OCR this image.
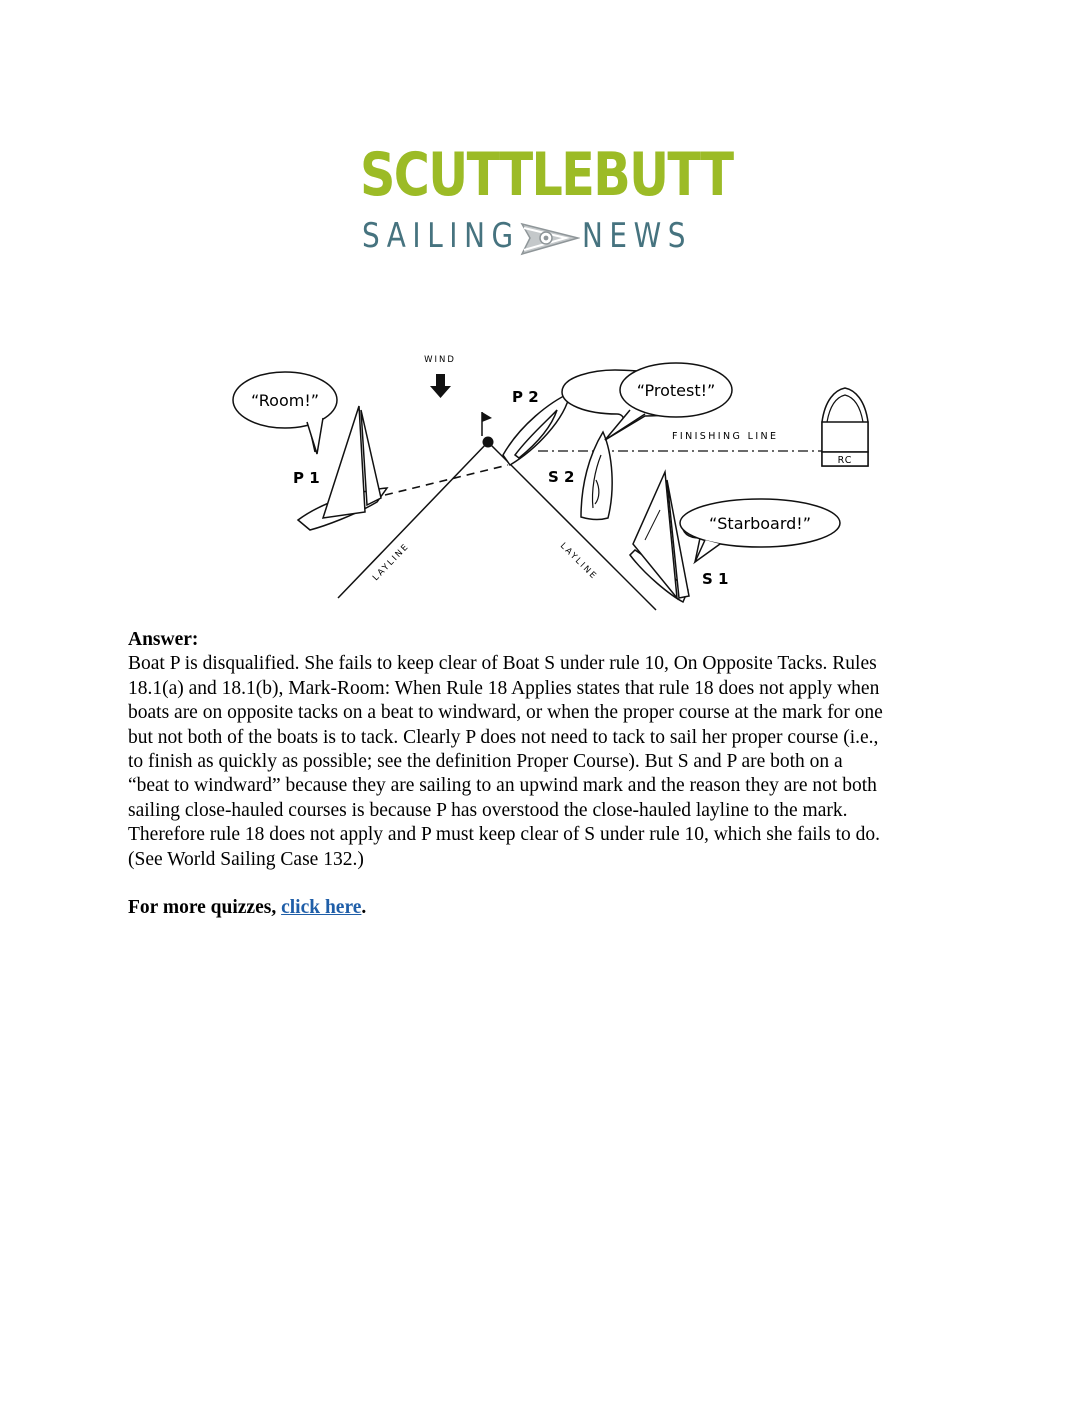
SCUTTLEBUTT
SAILING NEWS
WIND
RC
“Room!”
“Protest!”
“Starboard!”
P 1
P 2
S 2
S 1
FINISHING LINE
LAYLINE	LAYLINE

Answer:

Boat P is disqualified. She fails to keep clear of Boat S under rule 10, On Opposite Tacks. Rules

18.1(a) and 18.1(b), Mark-Room: When Rule 18 Applies states that rule 18 does not apply when

boats are on opposite tacks on a beat to windward, or when the proper course at the mark for one

but not both of the boats is to tack. Clearly P does not need to tack to sail her proper course (i.e.,

to finish as quickly as possible; see the definition Proper Course). But S and P are both on a

“beat to windward” because they are sailing to an upwind mark and the reason they are not both

sailing close-hauled courses is because P has overstood the close-hauled layline to the mark.

Therefore rule 18 does not apply and P must keep clear of S under rule 10, which she fails to do.

(See World Sailing Case 132.)

For more quizzes, click here.
